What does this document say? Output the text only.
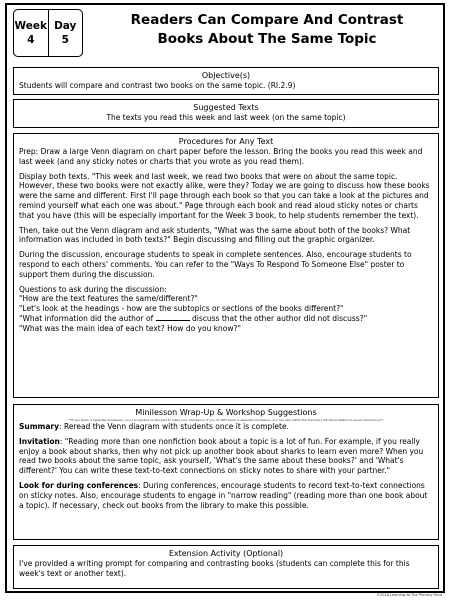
Week
4
Day
5
Readers Can Compare And Contrast
Books About The Same Topic
Objective(s)
Students will compare and contrast two books on the same topic. (RI.2.9)
Suggested Texts
The texts you read this week and last week (on the same topic)
Procedures for Any Text

Prep: Draw a large Venn diagram on chart paper before the lesson. Bring the books you read this week and last week (and any sticky notes or charts that you wrote as you read them).

Display both texts. "This week and last week, we read two books that were on about the same topic. However, these two books were not exactly alike, were they? Today we are going to discuss how these books were the same and different. First I'll page through each book so that you can take a look at the pictures and remind yourself what each one was about." Page through each book and read aloud sticky notes or charts that you have (this will be especially important for the Week 3 book, to help students remember the text).

Then, take out the Venn diagram and ask students, "What was the same about both of the books? What information was included in both texts?" Begin discussing and filling out the graphic organizer.

During the discussion, encourage students to speak in complete sentences. Also, encourage students to respond to each others' comments. You can refer to the "Ways To Respond To Someone Else" poster to support them during the discussion.

Questions to ask during the discussion:
"How are the text features the same/different?"
"Let's look at the headings - how are the subtopics or sections of the books different?"
"What information did the author of	discuss that the other author did not discuss?"
"What was the main idea of each text? How do you know?"
Minilesson Wrap-Up & Workshop Suggestions
**If you teach a separate minilesson, you can expand on the part to make your minilesson. If you do NOT teach a separate minilesson, you can skip either the Summary OR the Invitation to avoid redundancy**

Summary: Reread the Venn diagram with students once it is complete.

Invitation: "Reading more than one nonfiction book about a topic is a lot of fun. For example, if you really enjoy a book about sharks, then why not pick up another book about sharks to learn even more? When you read two books about the same topic, ask yourself, 'What's the same about these books?' and 'What's different?' You can write these text-to-text connections on sticky notes to share with your partner."

Look for during conferences: During conferences, encourage students to record text-to-text connections on sticky notes. Also, encourage students to engage in "narrow reading" (reading more than one book about a topic). If necessary, check out books from the library to make this possible.

Extension Activity (Optional)
I've provided a writing prompt for comparing and contrasting books (students can complete this for this week's text or another text).
©2018 Learning At The Primary Pond
